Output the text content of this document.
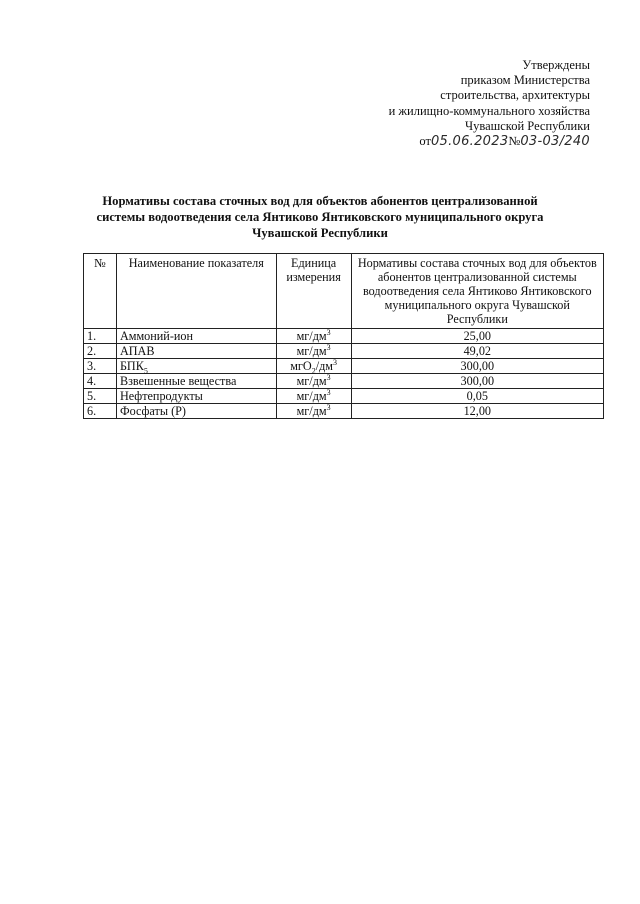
Утверждены
приказом Министерства
строительства, архитектуры
и жилищно-коммунального хозяйства
Чувашской Республики
от05.06.2023№03-03/240
Нормативы состава сточных вод для объектов абонентов централизованной
системы водоотведения села Янтиково Янтиковского муниципального округа
Чувашской Республики
№	Наименование показателя	Единица измерения	Нормативы состава сточных вод для объектов абонентов централизованной системы водоотведения села Янтиково Янтиковского муниципального округа Чувашской Республики
1.	Аммоний-ион	$мг/дм^3$	25,00
2.	АПАВ	$мг/дм^3$	49,02
3.	$БПК_5$	$мгО_2/дм^3$	300,00
4.	Взвешенные вещества	$мг/дм^3$	300,00
5.	Нефтепродукты	$мг/дм^3$	0,05
6.	Фосфаты (Р)	$мг/дм^3$	12,00
